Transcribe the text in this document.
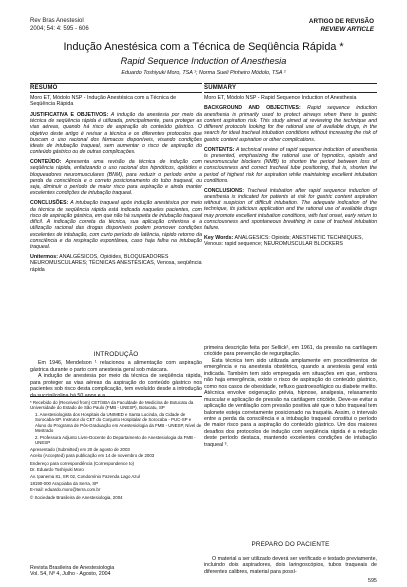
Rev Bras Anestesiol
2004; 54: 4: 595 - 606
ARTIGO DE REVISÃO
REVIEW ARTICLE
Indução Anestésica com a Técnica de Seqüência Rápida *
Rapid Sequence Induction of Anesthesia
Eduardo Toshiyuki Moro, TSA ¹; Norma Sueli Pinheiro Módolo, TSA ²
RESUMO
Moro ET, Módolo NSP - Indução Anestésica com a Técnica de Seqüência Rápida

JUSTIFICATIVA E OBJETIVOS: A indução da anestesia por meio da técnica de seqüência rápida é utilizada, principalmente, para proteger as vias aéreas, quando há risco de aspiração do conteúdo gástrico. O objetivo deste artigo é revisar a técnica e os diferentes protocolos que buscam o uso racional dos fármacos disponíveis, visando condições ideais de intubação traqueal, sem aumentar o risco de aspiração do conteúdo gástrico ou de outras complicações.

CONTEÚDO: Apresenta uma revisão da técnica de indução com seqüência rápida, enfatizando o uso racional dos hipnóticos, opióides e bloqueadores neuromusculares (BNM), para reduzir o período entre a perda da consciência e o correto posicionamento do tubo traqueal, ou seja, diminuir o período de maior risco para aspiração e ainda manter excelentes condições de intubação traqueal.

CONCLUSÕES: A intubação traqueal após indução anestésica por meio da técnica de seqüência rápida está indicada naqueles pacientes, com risco de aspiração gástrica, em que não há suspeita de intubação traqueal difícil. A indicação correta da técnica, sua aplicação criteriosa e a utilização racional das drogas disponíveis podem promover condições excelentes de intubação, com curto período de latência, rápido retorno da consciência e da respiração espontânea, caso haja falha na intubação traqueal.

Unitermos: ANALGÉSICOS, Opióides, BLOQUEADORES NEUROMUSCULARES; TÉCNICAS ANESTÉSICAS, Venosa, seqüência rápida
SUMMARY
Moro ET, Módolo NSP - Rapid Sequence Induction of Anesthesia

BACKGROUND AND OBJECTIVES: Rapid sequence induction anesthesia is primarily used to protect airways when there is gastric content aspiration risk. This study aimed at reviewing the technique and different protocols looking for the rational use of available drugs, in the search for ideal tracheal intubation conditions without increasing the risk of gastric content aspiration or other complications.

CONTENTS: A technical review of rapid sequence induction of anesthesia is presented, emphasizing the rational use of hypnotics, opioids and neuromuscular blockers (NMB) to shorten the period between loss of consciousness and correct tracheal tube positioning, that is, shorten the period of highest risk for aspiration while maintaining excellent intubation conditions.

CONCLUSIONS: Tracheal intubation after rapid sequence induction of anesthesia is indicated for patients at risk for gastric content aspiration without suspicion of difficult intubation. The adequate indication of the technique, its judicious application and the rational use of available drugs may promote excellent intubation conditions, with fast onset, early return to consciousness and spontaneous breathing in case of tracheal intubation failure.

Key Words: ANALGESICS: Opioids; ANESTHETIC TECHNIQUES, Venous: rapid sequence; NEUROMUSCULAR BLOCKERS
INTRODUÇÃO
Em 1946, Mendelson ¹ relacionou a alimentação com aspiração gástrica durante o parto com anestesia geral sob máscara.
A indução de anestesia por meio da técnica de seqüência rápida, para proteger as vias aéreas da aspiração do conteúdo gástrico nos pacientes sob risco desta complicação, tem evoluído desde a introdução da succinilcolina há 50 anos e a

* Recebido do (Received from) CET/SBA da Faculdade de Medicina de Botucatu da Universidade do Estado de São Paulo (FMB - UNESP), Botucatu, SP

1. Anestesiologista dos Hospitais da UNIMED e Santa Lucinda, da Cidade de Sorocaba-SP. Instrutor do CET do Conjunto Hospitalar de Sorocaba - PUC-SP e Aluno do Programa de Pós-Graduação em Anestesiologia da FMB - UNESP, Nível de Mestrado

2. Professora Adjunto Livre-Docente do Departamento de Anestesiologia da FMB - UNESP

Apresentado (Submitted) em 20 de agosto de 2003

Aceito (Accepted) para publicação em 14 de novembro de 2003

Endereço para correspondência (Correspondence to)

Dr. Eduardo Toshiyuki Moro

Av. Ipanema 81, SR 02, Condomínio Fazenda Lago Azul

18190-000 Araçoiaba da Serra, SP

E-mail: eduardo.moro@terra.com.br

© Sociedade Brasileira de Anestesiologia, 2004

primeira descrição feita por Sellick², em 1961, da pressão na cartilagem cricóide para prevenção de regurgitação.
Esta técnica tem sido utilizada amplamente em procedimentos de emergência e na anestesia obstétrica, quando a anestesia geral está indicada. Também tem sido empregada em situações em que, embora não haja emergência, existe o risco de aspiração do conteúdo gástrico, como nos casos de obesidade, refluxo gastroesofágico ou diabete melito. Atécnica envolve oxigenação prévia, hipnose, analgesia, relaxamento muscular e aplicação de pressão na cartilagem cricóide. Deve-se evitar a aplicação de ventilação com pressão positiva até que o tubo traqueal tem balonete esteja corretamente posicionado na traquéia. Assim, o intervalo entre a perda da consciência e a intubação traqueal constitui o período de maior risco para a aspiração do conteúdo gástrico. Um dos maiores desafios dos protocolos de indução com seqüência rápida é a redução deste período destaca, mantendo excelentes condições de intubação traqueal ³.
PREPARO DO PACIENTE
O material a ser utilizado deverá ser verificado e testado previamente, incluindo dois aspiradores, dois laringoscópios, tubos traqueais de diferentes calibres, material para possí-
Revista Brasileira de Anestesiologia
Vol. 54, Nº 4, Julho - Agosto, 2004
595
